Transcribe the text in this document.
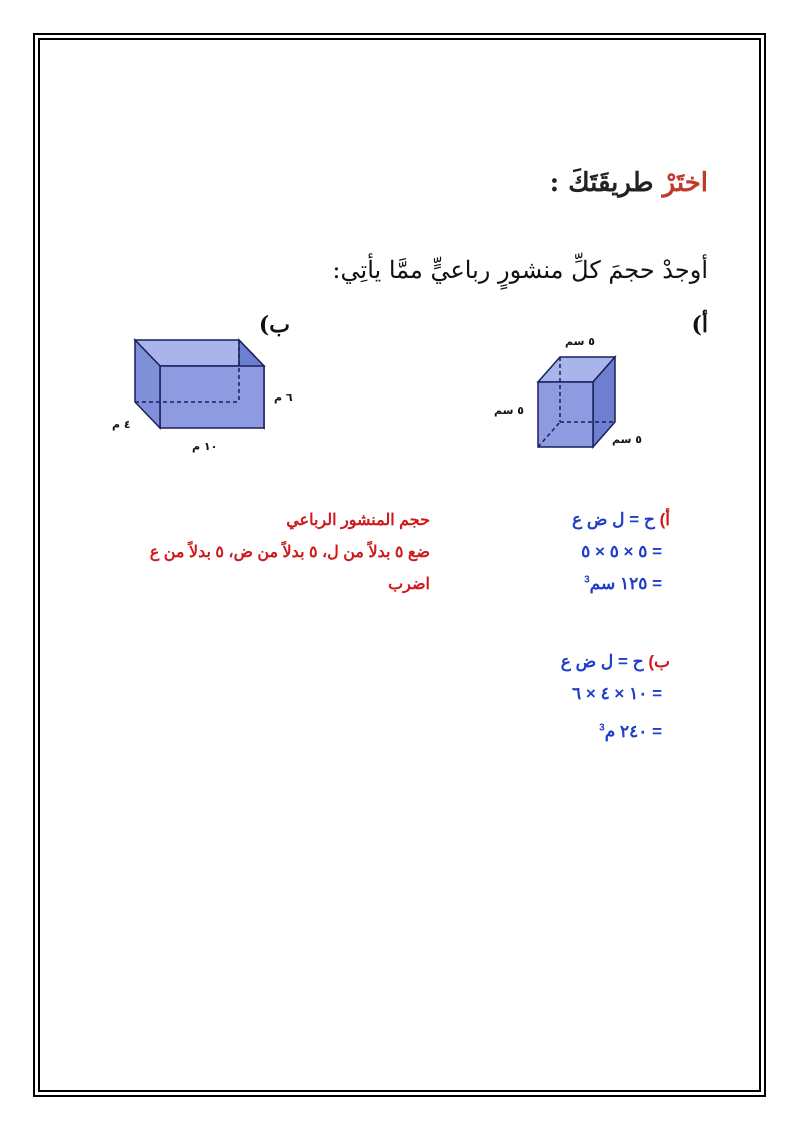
اختَرْ طريقَتَكَ :
أوجدْ حجمَ كلِّ منشورٍ رباعيٍّ ممَّا يأتِي:
أ)
ب)
٥ سم
٥ سم
٥ سم
٦ م
٤ م
١٠ م
أ) ح = ل ض ع
= ٥ × ٥ × ٥
= ١٢٥ سم$^3$
حجم المنشور الرباعي
ضع ٥ بدلاً من ل، ٥ بدلاً من ض، ٥ بدلاً من ع
اضرب
ب) ح = ل ض ع
= ١٠ × ٤ × ٦
= ٢٤٠ م$^3$
